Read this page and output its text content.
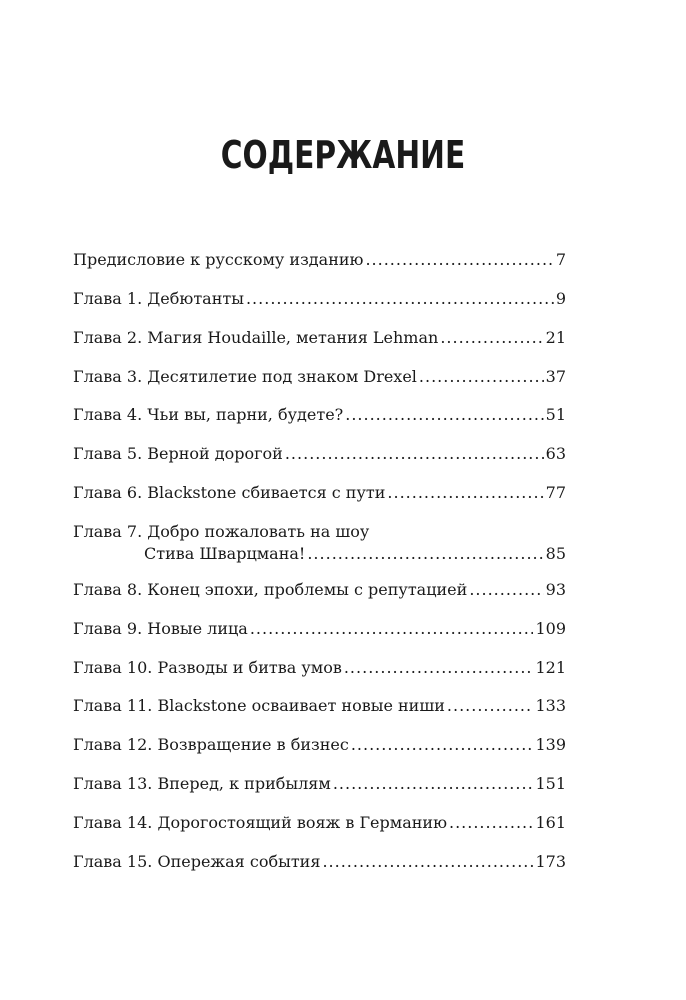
СОДЕРЖАНИЕ
Предисловие к русскому изданию .....	7
Глава 1. Дебютанты .....	9
Глава 2. Магия Houdaille, метания Lehman .....	21
Глава 3. Десятилетие под знаком Drexel .....	37
Глава 4. Чьи вы, парни, будете? .....	51
Глава 5. Верной дорогой .....	63
Глава 6. Blackstone сбивается с пути .....	77
Глава 7. Добро пожаловать на шоу
Стива Шварцмана! .....	85
Глава 8. Конец эпохи, проблемы с репутацией .....	93
Глава 9. Новые лица .....	109
Глава 10. Разводы и битва умов .....	121
Глава 11. Blackstone осваивает новые ниши .....	133
Глава 12. Возвращение в бизнес .....	139
Глава 13. Вперед, к прибылям .....	151
Глава 14. Дорогостоящий вояж в Германию .....	161
Глава 15. Опережая события .....	173
